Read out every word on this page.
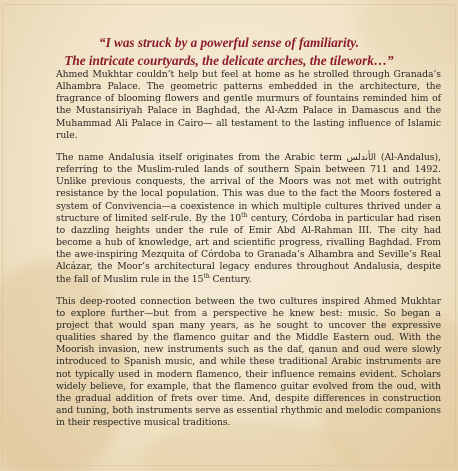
“I was struck by a powerful sense of familiarity.
The intricate courtyards, the delicate arches, the tilework…”

Ahmed Mukhtar couldn’t help but feel at home as he strolled through Granada’s Alhambra Palace. The geometric patterns embedded in the architecture, the fragrance of blooming flowers and gentle murmurs of fountains reminded him of the Mustansiriyah Palace in Baghdad, the Al-Azm Palace in Damascus and the Muhammad Ali Palace in Cairo— all testament to the lasting influence of Islamic rule.

The name Andalusia itself originates from the Arabic term الأندلس (Al-Andalus), referring to the Muslim-ruled lands of southern Spain between 711 and 1492. Unlike previous conquests, the arrival of the Moors was not met with outright resistance by the local population. This was due to the fact the Moors fostered a system of Convivencia—a coexistence in which multiple cultures thrived under a structure of limited self-rule. By the 10th century, Córdoba in particular had risen to dazzling heights under the rule of Emir Abd Al-Rahman III. The city had become a hub of knowledge, art and scientific progress, rivalling Baghdad. From the awe-inspiring Mezquita of Córdoba to Granada’s Alhambra and Seville’s Real Alcázar, the Moor’s architectural legacy endures throughout Andalusia, despite the fall of Muslim rule in the 15th Century.

This deep-rooted connection between the two cultures inspired Ahmed Mukhtar to explore further—but from a perspective he knew best: music. So began a project that would span many years, as he sought to uncover the expressive qualities shared by the flamenco guitar and the Middle Eastern oud. With the Moorish invasion, new instruments such as the daf, qanun and oud were slowly introduced to Spanish music, and while these traditional Arabic instruments are not typically used in modern flamenco, their influence remains evident. Scholars widely believe, for example, that the flamenco guitar evolved from the oud, with the gradual addition of frets over time. And, despite differences in construction and tuning, both instruments serve as essential rhythmic and melodic companions in their respective musical traditions.
